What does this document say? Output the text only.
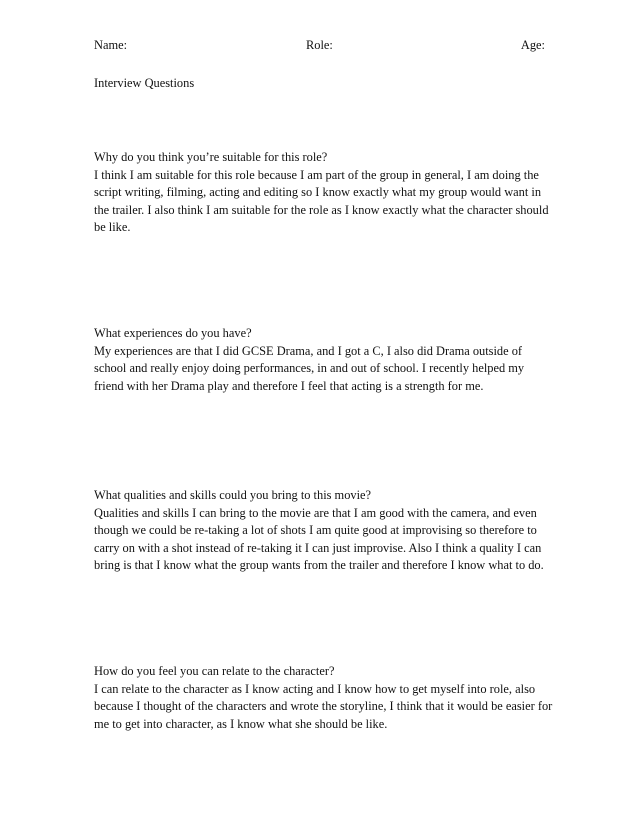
Name:	Role:	Age:
Interview Questions

Why do you think you’re suitable for this role?

I think I am suitable for this role because I am part of the group in general, I am doing the script writing, filming, acting and editing so I know exactly what my group would want in the trailer. I also think I am suitable for the role as I know exactly what the character should be like.

What experiences do you have?

My experiences are that I did GCSE Drama, and I got a C, I also did Drama outside of school and really enjoy doing performances, in and out of school. I recently helped my friend with her Drama play and therefore I feel that acting is a strength for me.

What qualities and skills could you bring to this movie?

Qualities and skills I can bring to the movie are that I am good with the camera, and even though we could be re-taking a lot of shots I am quite good at improvising so therefore to carry on with a shot instead of re-taking it I can just improvise. Also I think a quality I can bring is that I know what the group wants from the trailer and therefore I know what to do.

How do you feel you can relate to the character?

I can relate to the character as I know acting and I know how to get myself into role, also because I thought of the characters and wrote the storyline, I think that it would be easier for me to get into character, as I know what she should be like.
